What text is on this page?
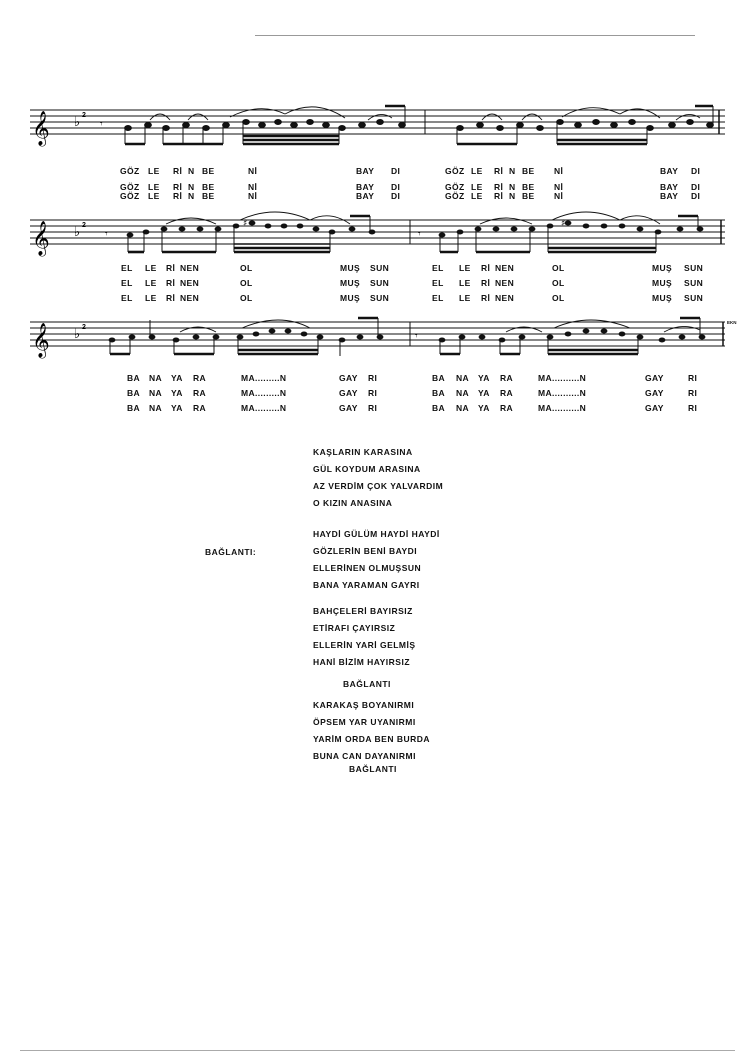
𝄞 ♭ 2
𝄾
GÖZ LE Rİ N BE	Nİ	BAY DI	GÖZ LE Rİ N BE Nİ	BAY DI
GÖZ LE Rİ N BE	Nİ	BAY DI	GÖZ LE Rİ N BE Nİ	BAY DI
GÖZ LE Rİ N BE	Nİ	BAY DI	GÖZ LE Rİ N BE Nİ	BAY DI
𝄞 ♭ 2
𝄾	𝄾
♯	♯
EL LE Rİ NEN	OL	MUŞ SUN	EL LE Rİ NEN	OL	MUŞ SUN
EL LE Rİ NEN	OL	MUŞ SUN	EL LE Rİ NEN	OL	MUŞ SUN
EL LE Rİ NEN	OL	MUŞ SUN	EL LE Rİ NEN	OL	MUŞ SUN
𝄞 ♭ 2
𝄾
EKN
BA NA YA RA	MA.........N	GAY RI	BA NA YA RA	MA..........N	GAY	RI
BA NA YA RA	MA.........N	GAY RI	BA NA YA RA	MA..........N	GAY	RI
BA NA YA RA	MA.........N	GAY RI	BA NA YA RA	MA..........N	GAY	RI
KAŞLARIN KARASINA
GÜL KOYDUM ARASINA
AZ VERDİM ÇOK YALVARDIM
O KIZIN ANASINA
BAĞLANTI:
HAYDİ GÜLÜM HAYDİ HAYDİ
GÖZLERİN BENİ BAYDI
ELLERİNEN OLMUŞSUN
BANA YARAMAN GAYRI
BAHÇELERİ BAYIRSIZ
ETİRAFI ÇAYIRSIZ
ELLERİN YARİ GELMİŞ
HANİ BİZİM HAYIRSIZ
BAĞLANTI
KARAKAŞ BOYANIRMI
ÖPSEM YAR UYANIRMI
YARİM ORDA BEN BURDA
BUNA CAN DAYANIRMI
BAĞLANTI
